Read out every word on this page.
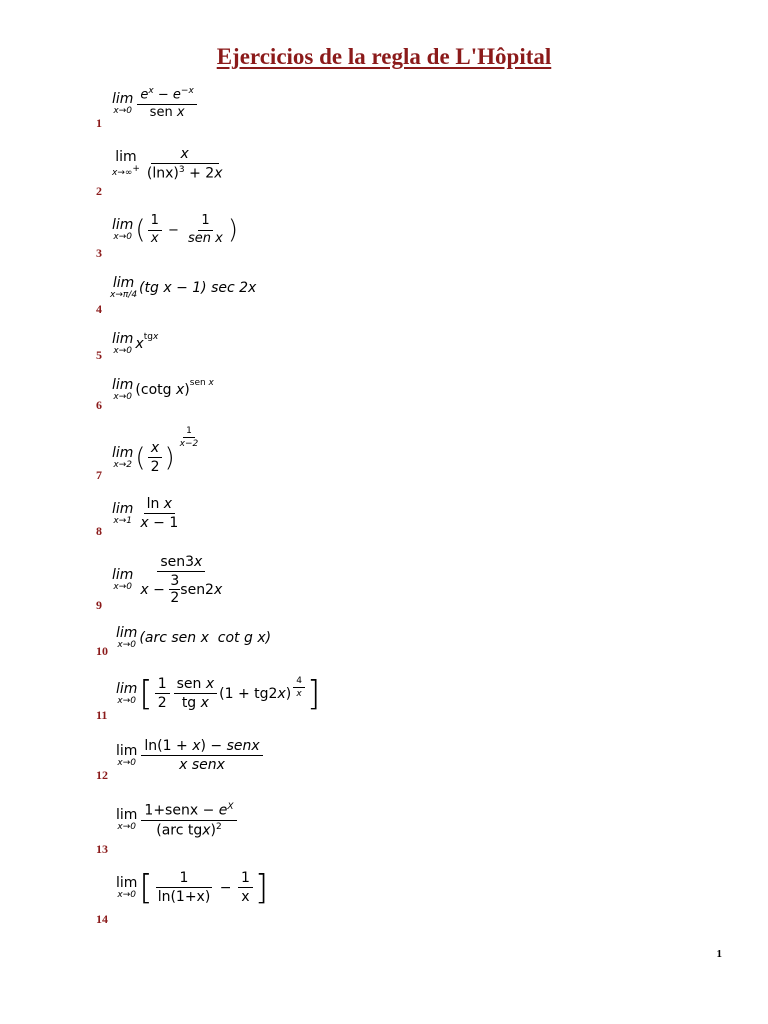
Ejercicios de la regla de L'Hôpital
1
lim
$x\to 0 \frac{e^x - e^{-x}}{\text{sen x}}$
2
lim
$x\to\infty^+ \frac{x}{(\ln x)^3 + 2x}$
3
lim
x→0 ( $\frac{1}{x} - \frac{1}{\text{sen x}}$ )
4
lim
x→π/4 (tg x − 1) sec 2x
5
lim
x→0 $x^{tgx}$
6
lim
x→0 (cotg x)$^{sen x}$
7
lim
x→2 ( $\frac{x}{2}$ )
$\frac{1}{x-2}$
8
lim
$x\to 1 \frac{\text{ln x}}{x - 1}$
9
lim
$x\to 0 \frac{\text{sen3x}}{x - \frac{3}{2} sen2 x}$
10
lim
x→0 (arc sen x  cot g x)
11
lim
x→0 [ $\frac{1}{2} \frac{\text{sen x}}{\text{tg x}} (1 + tg2x) \frac{4}{x}$ ]
12
lim
$x\to 0 \frac{\text{ln(1 + x) − senx}}{\text{x senx}}$
13
lim
$x\to 0 \frac{1+senx - e^X}{(arc tgx)^2}$
14
lim
x→0 [ $\frac{1}{\ln(1+x)} - \frac{1}{x}$ ]
1
